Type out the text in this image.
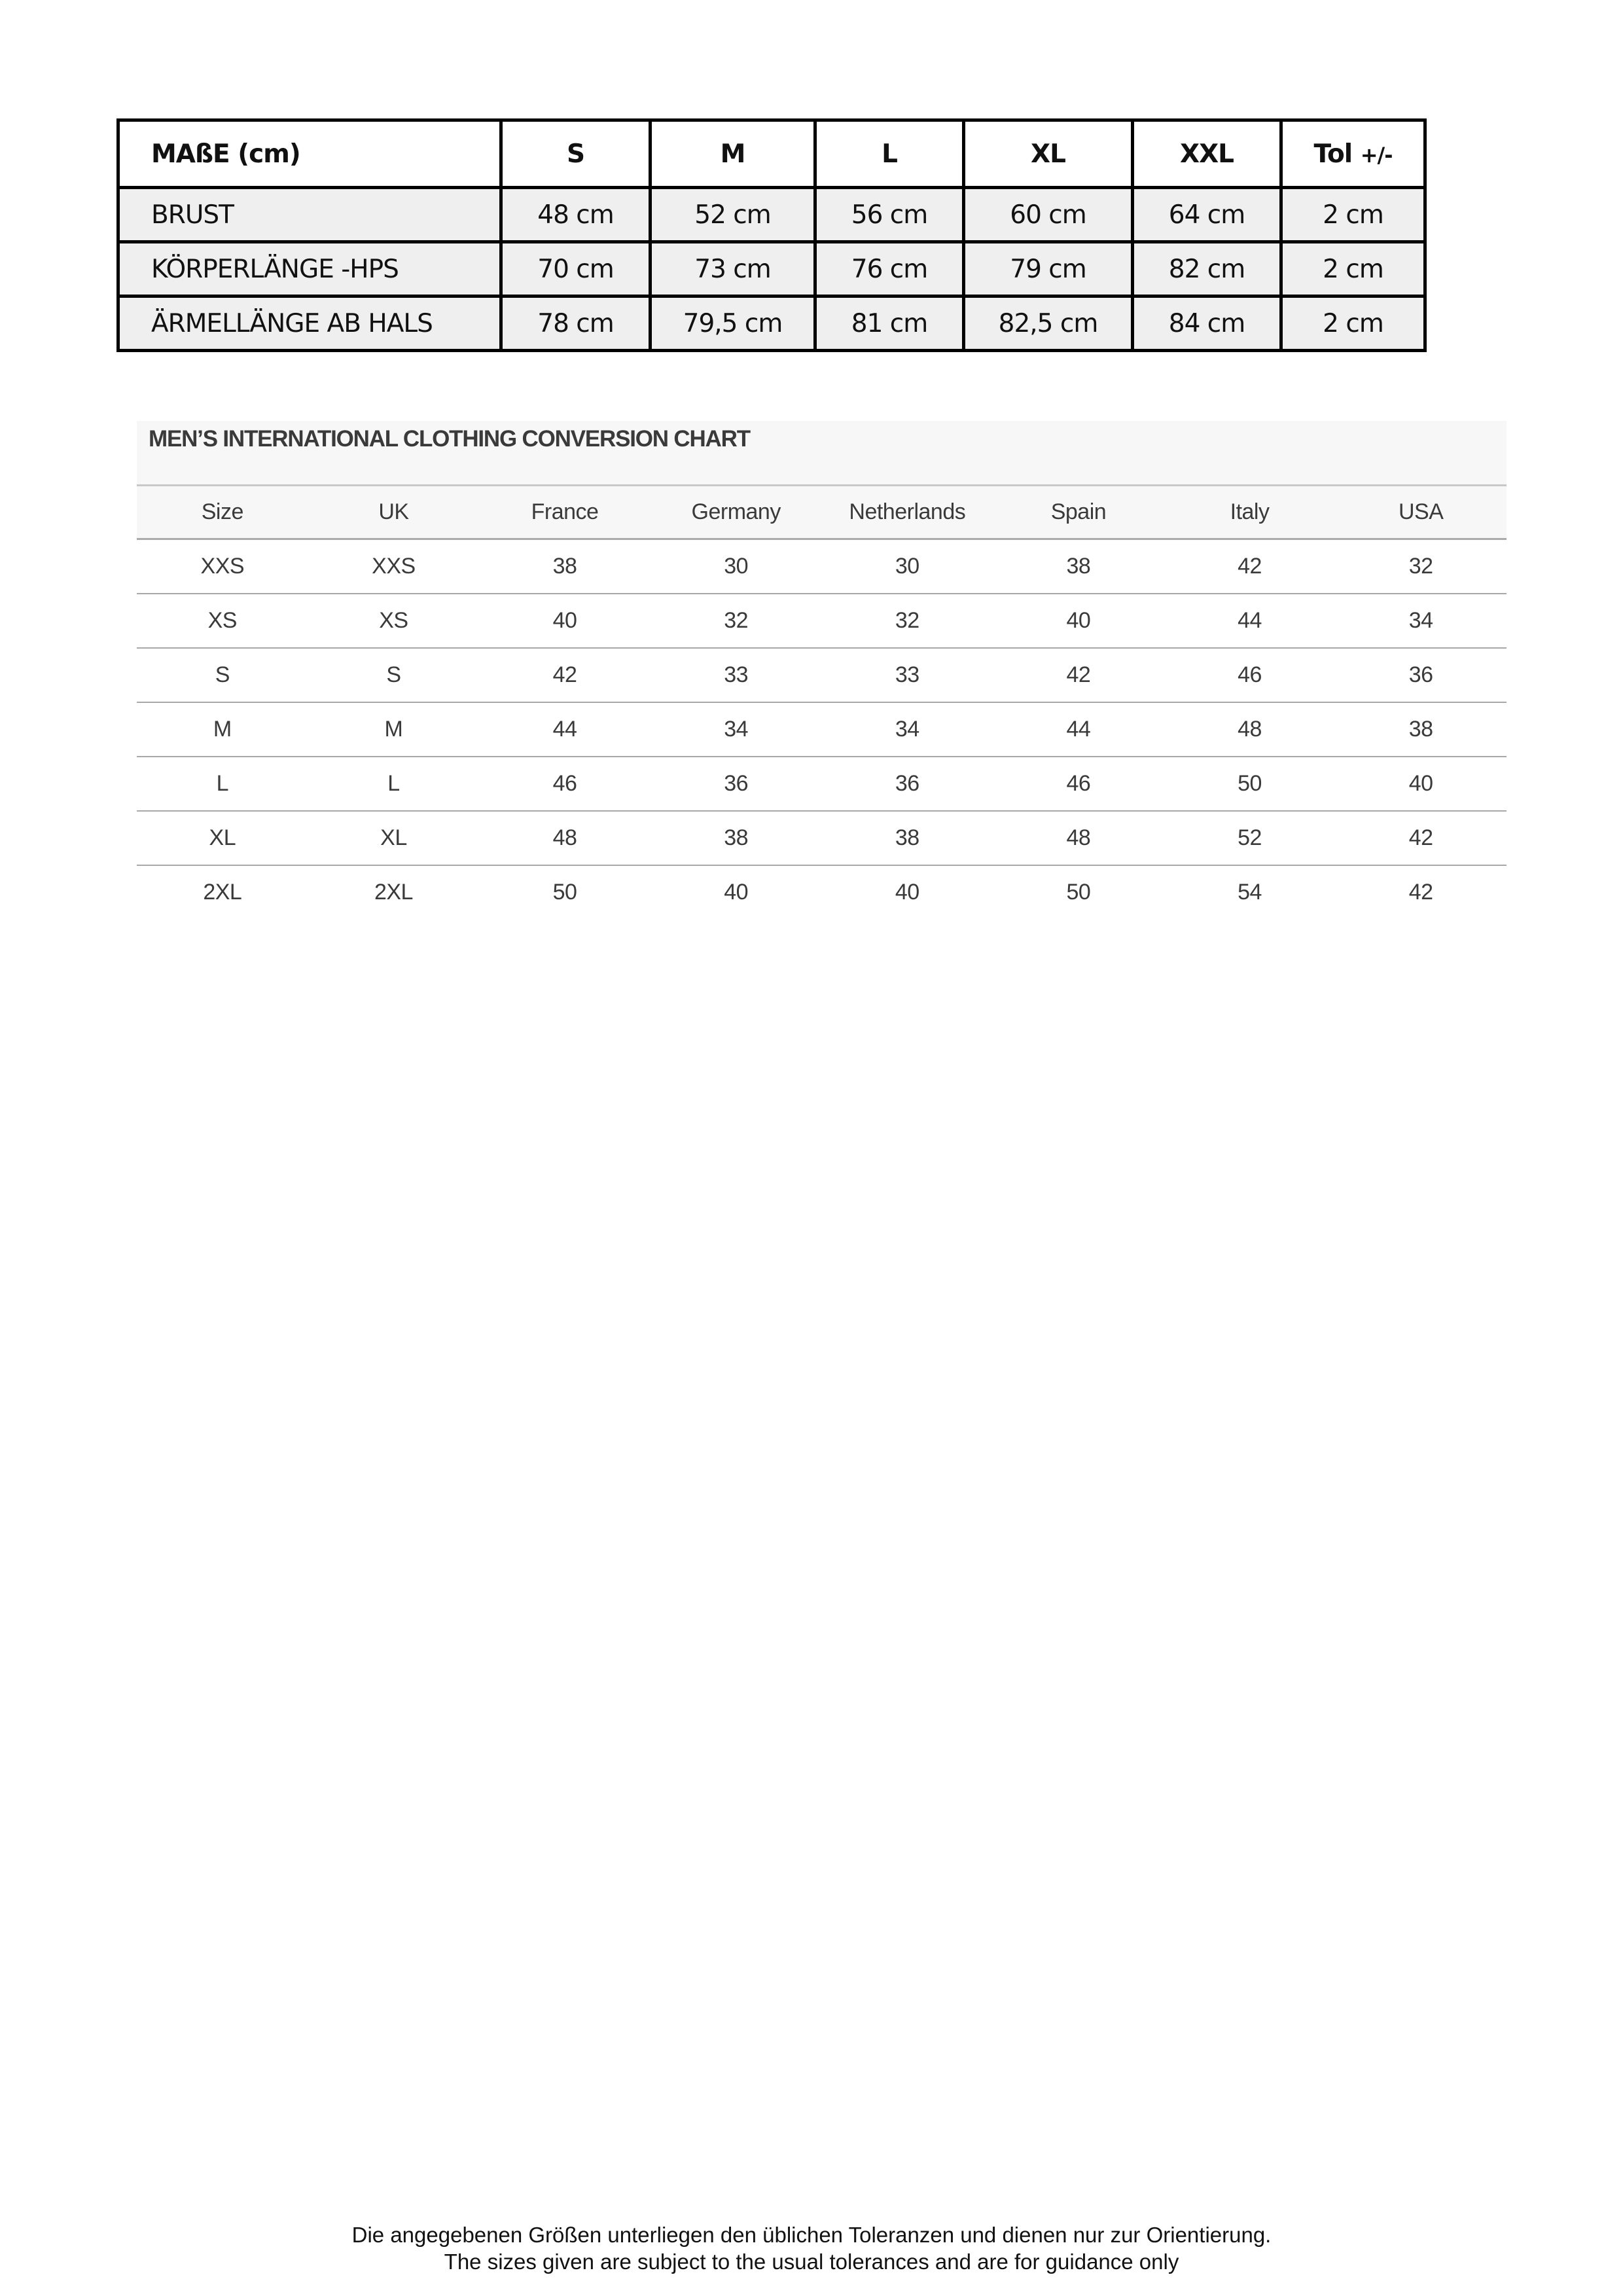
MAßE (cm)	S	M	L	XL	XXL	Tol +/-
BRUST	48 cm	52 cm	56 cm	60 cm	64 cm	2 cm
KÖRPERLÄNGE -HPS	70 cm	73 cm	76 cm	79 cm	82 cm	2 cm
ÄRMELLÄNGE AB HALS	78 cm	79,5 cm	81 cm	82,5 cm	84 cm	2 cm
MEN’S INTERNATIONAL CLOTHING CONVERSION CHART
Size	UK	France	Germany	Netherlands	Spain	Italy	USA
XXS	XXS	38	30	30	38	42	32
XS	XS	40	32	32	40	44	34
S	S	42	33	33	42	46	36
M	M	44	34	34	44	48	38
L	L	46	36	36	46	50	40
XL	XL	48	38	38	48	52	42
2XL	2XL	50	40	40	50	54	42
Die angegebenen Größen unterliegen den üblichen Toleranzen und dienen nur zur Orientierung.
The sizes given are subject to the usual tolerances and are for guidance only
